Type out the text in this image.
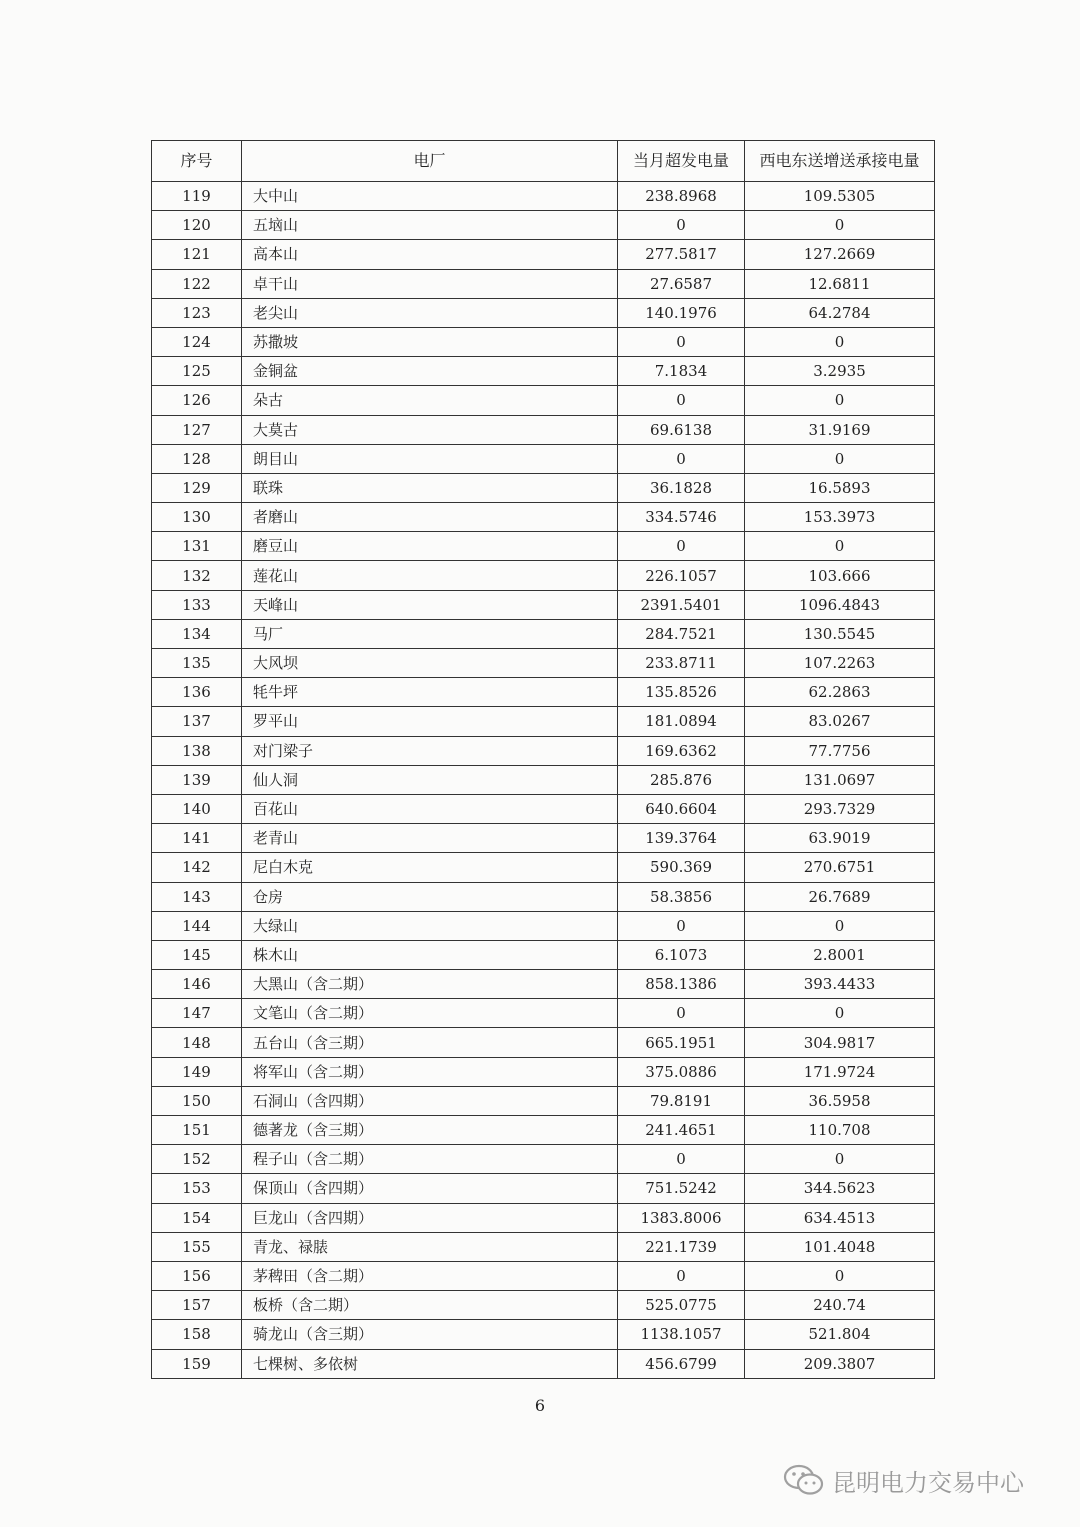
序号	电厂	当月超发电量	西电东送增送承接电量
119	大中山	238.8968	109.5305
120	五垴山	0	0
121	高本山	277.5817	127.2669
122	卓干山	27.6587	12.6811
123	老尖山	140.1976	64.2784
124	苏撒坡	0	0
125	金铜盆	7.1834	3.2935
126	朵古	0	0
127	大莫古	69.6138	31.9169
128	朗目山	0	0
129	联珠	36.1828	16.5893
130	者磨山	334.5746	153.3973
131	磨豆山	0	0
132	莲花山	226.1057	103.666
133	天峰山	2391.5401	1096.4843
134	马厂	284.7521	130.5545
135	大风坝	233.8711	107.2263
136	牦牛坪	135.8526	62.2863
137	罗平山	181.0894	83.0267
138	对门梁子	169.6362	77.7756
139	仙人洞	285.876	131.0697
140	百花山	640.6604	293.7329
141	老青山	139.3764	63.9019
142	尼白木克	590.369	270.6751
143	仓房	58.3856	26.7689
144	大绿山	0	0
145	株木山	6.1073	2.8001
146	大黑山（含二期）	858.1386	393.4433
147	文笔山（含二期）	0	0
148	五台山（含三期）	665.1951	304.9817
149	将军山（含二期）	375.0886	171.9724
150	石洞山（含四期）	79.8191	36.5958
151	德著龙（含三期）	241.4651	110.708
152	程子山（含二期）	0	0
153	保顶山（含四期）	751.5242	344.5623
154	巨龙山（含四期）	1383.8006	634.4513
155	青龙、禄脿	221.1739	101.4048
156	茅稗田（含二期）	0	0
157	板桥（含二期）	525.0775	240.74
158	骑龙山（含三期）	1138.1057	521.804
159	七棵树、多依树	456.6799	209.3807
6
昆明电力交易中心
